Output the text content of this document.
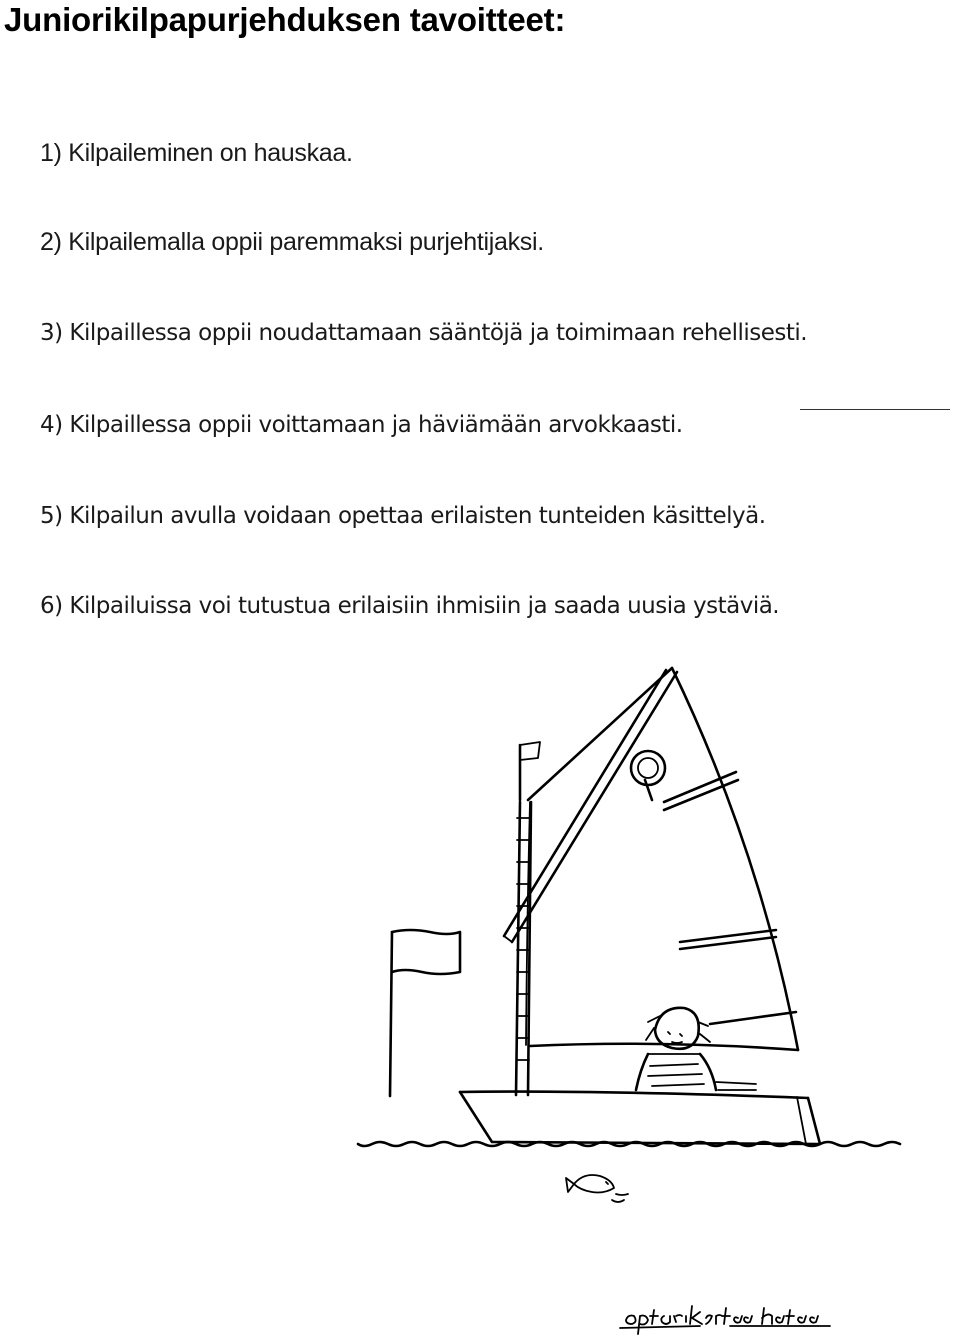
Juniorikilpapurjehduksen tavoitteet:
1) Kilpaileminen on hauskaa.
2) Kilpailemalla oppii paremmaksi purjehtijaksi.
3) Kilpaillessa oppii noudattamaan sääntöjä ja toimimaan rehellisesti.
4) Kilpaillessa oppii voittamaan ja häviämään arvokkaasti.
5) Kilpailun avulla voidaan opettaa erilaisten tunteiden käsittelyä.
6) Kilpailuissa voi tutustua erilaisiin ihmisiin ja saada uusia ystäviä.
